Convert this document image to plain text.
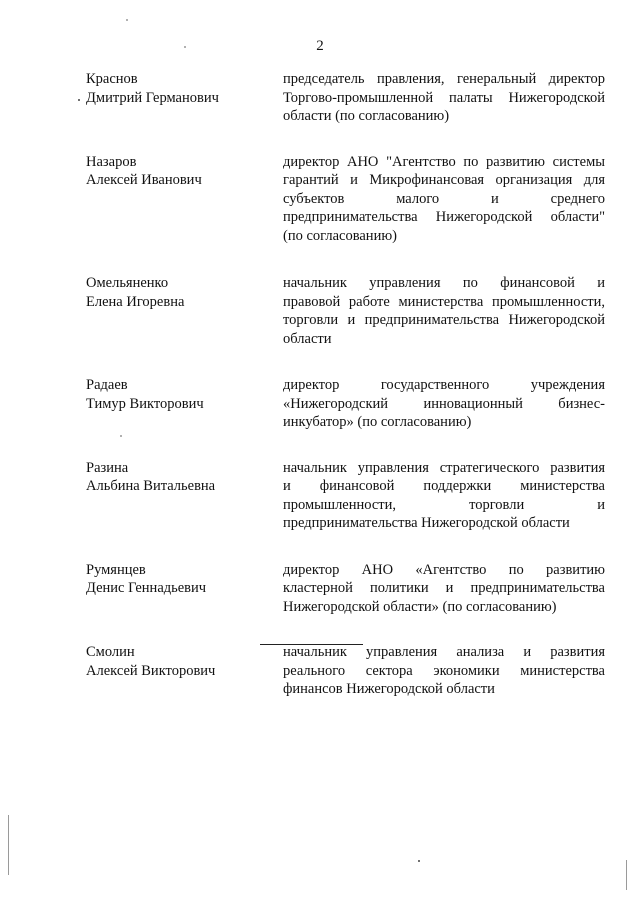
2
Краснов
Дмитрий Германович
председатель правления, генеральный директор
Торгово-промышленной палаты Нижегородской
области (по согласованию)
Назаров
Алексей Иванович
директор АНО "Агентство по развитию системы
гарантий и Микрофинансовая организация для
субъектов малого и среднего
предпринимательства Нижегородской области"
(по согласованию)
Омельяненко
Елена Игоревна
начальник управления по финансовой и
правовой работе министерства промышленности,
торговли и предпринимательства Нижегородской
области
Радаев
Тимур Викторович
директор государственного учреждения
«Нижегородский инновационный бизнес-
инкубатор» (по согласованию)
Разина
Альбина Витальевна
начальник управления стратегического развития
и финансовой поддержки министерства
промышленности, торговли и
предпринимательства Нижегородской области
Румянцев
Денис Геннадьевич
директор АНО «Агентство по развитию
кластерной политики и предпринимательства
Нижегородской области» (по согласованию)
Смолин
Алексей Викторович
начальник управления анализа и развития
реального сектора экономики министерства
финансов Нижегородской области
